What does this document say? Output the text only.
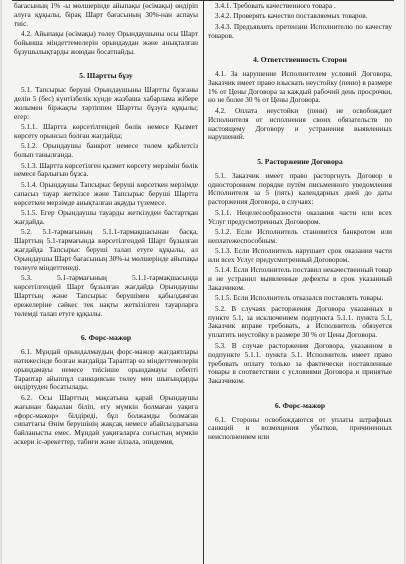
бағасының 1% -ы мөлшерінде айыпақы (өсімақы) өндіріп алуға құқылы, бірақ Шарт бағасының 30%-нан аспауы тиіс.

4.2. Айыпақы (өсімақы) төлеу Орындаушыны осы Шарт бойынша міндеттемелерін орындаудан және анықталған бұзушылықтарды жоюдан босатпайды.

5. Шартты бұзу

5.1. Тапсырыс беруші Орындаушыны Шартты бұзғаны делін 5 (бес) күнтізбелік күнде жазбаша хабарлама жібере жолымен біржақты тәртіппен Шартты бұзуға құқылы; егер:

5.1.1. Шартта көрсетілгендей бөлік немесе Қызмет көрсету орынсыз болған жағдайда;

5.1.2. Орындаушы банкрот немесе төлем қабілетсіз болып танылғанда.

5.1.3. Шартта көрсетілген қызмет көрсету мерзімін бөлік немесе барлығын бұзса.

5.1.4. Орындаушы Тапсырыс беруші көрсеткен мерзімде сапасыз тауар жеткізсе және Тапсырыс беруші Шартта көрсеткен мерзімде анықталған ақауды түземесе.

5.1.5. Егер Орындаушы тауарды жеткізуден бастартқан жағдайда.

5.2. 5.1-тармағының 5.1.1-тармақшасынан басқа, Шарттың 5.1-тармағында көрсетілгендей Шарт бұзылған жағдайда Тапсырыс беруші талап етуге құқылы, ал Орындаушы Шарт бағасының 30%-ы мөлшерінде айыпақы төлеуге міндеттенеді.

5.3. 5.1-тармағының 5.1.1-тармақшасында көрсетілгендей Шарт бұзылған жағдайда Орындаушы Шарттың және Тапсырыс берушімен қабылданған ережелеріне сәйкес тек нақты жеткізілген тауарларға төлемді талап етуге құқылы.

6. Форс-мажор

6.1. Мұндай орындалмаудың форс-мажор жағдаятлары нәтижесінде болған жағдайда Тараптар өз міндеттемелерін орындамауы немесе тиісінше орындамауы себепті Тараптар айыппұл санкциясын төлеу мен шығындарды өндіртуден босатылады.

6.2. Осы Шарттың мақсатына қарай Орындаушы жағынан бақылан біліп, егу мүмкін болмаған уақига «форс-мажор» білдіреді, бұл болжамды болмаған сипаттағы Өнім берушінің жақсақ немесе абайсыздығына байланысты емес. Мұндай уақиғаларға соғыстың мүмкін әскери іс-әрекеттер, табиғи және зілзала, эпидемия,

3.4.1. Требовать качественного товара .

3.4.2. Проверять качество поставляемых товаров.

3.4.3. Предъявлять претензии Исполнителю по качеству товаров.

4. Ответственность Сторон

4.1. За нарушение Исполнителем условий Договора, Заказчик имеет право взыскать неустойку (пеню) в размере 1% от Цены Договора за каждый рабочий день просрочки, но не более 30 % от Цены Договора.

4.2. Оплата неустойки (пени) не освобождает Исполнителя от исполнения своих обязательств по настоящему Договору и устранения выявленных нарушений.

5. Расторжение Договора

5.1. Заказчик имеет право расторгнуть Договор в одностороннем порядке путём письменного уведомления Исполнителя за 5 (пять) календарных дней до даты расторжения Договора, в случаях:

5.1.1. Нецелесообразности оказания части или всех Услуг предусмотренных Договором.

5.1.2. Если Исполнитель становится банкротом или неплатежеспособным.

5.1.3. Если Исполнитель нарушает срок оказания части или всех Услуг предусмотренный Договором.

5.1.4. Если Исполнитель поставил некачественный товар и не устранил выявленные дефекты в срок указанный Заказчиком.

5.1.5. Если Исполнитель отказался поставлять товары.

5.2. В случаях расторжения Договора указанных в пункте 5.1, за исключением подпункта 5.1.1. пункта 5.1, Заказчик вправе требовать, а Исполнитель обязуется уплатить неустойку в размере 30 % от Цены Договора.

5.3. В случае расторжения Договора, указанном в подпункте 5.1.1. пункта 5.1. Исполнитель имеет право требовать оплату только за фактически поставленные товары в соответствии с условиями Договора и принятые Заказчиком.

6. Форс-мажор

6.1. Стороны освобождаются от уплаты штрафных санкций и возмещения убытков, причиненных неисполнением или
